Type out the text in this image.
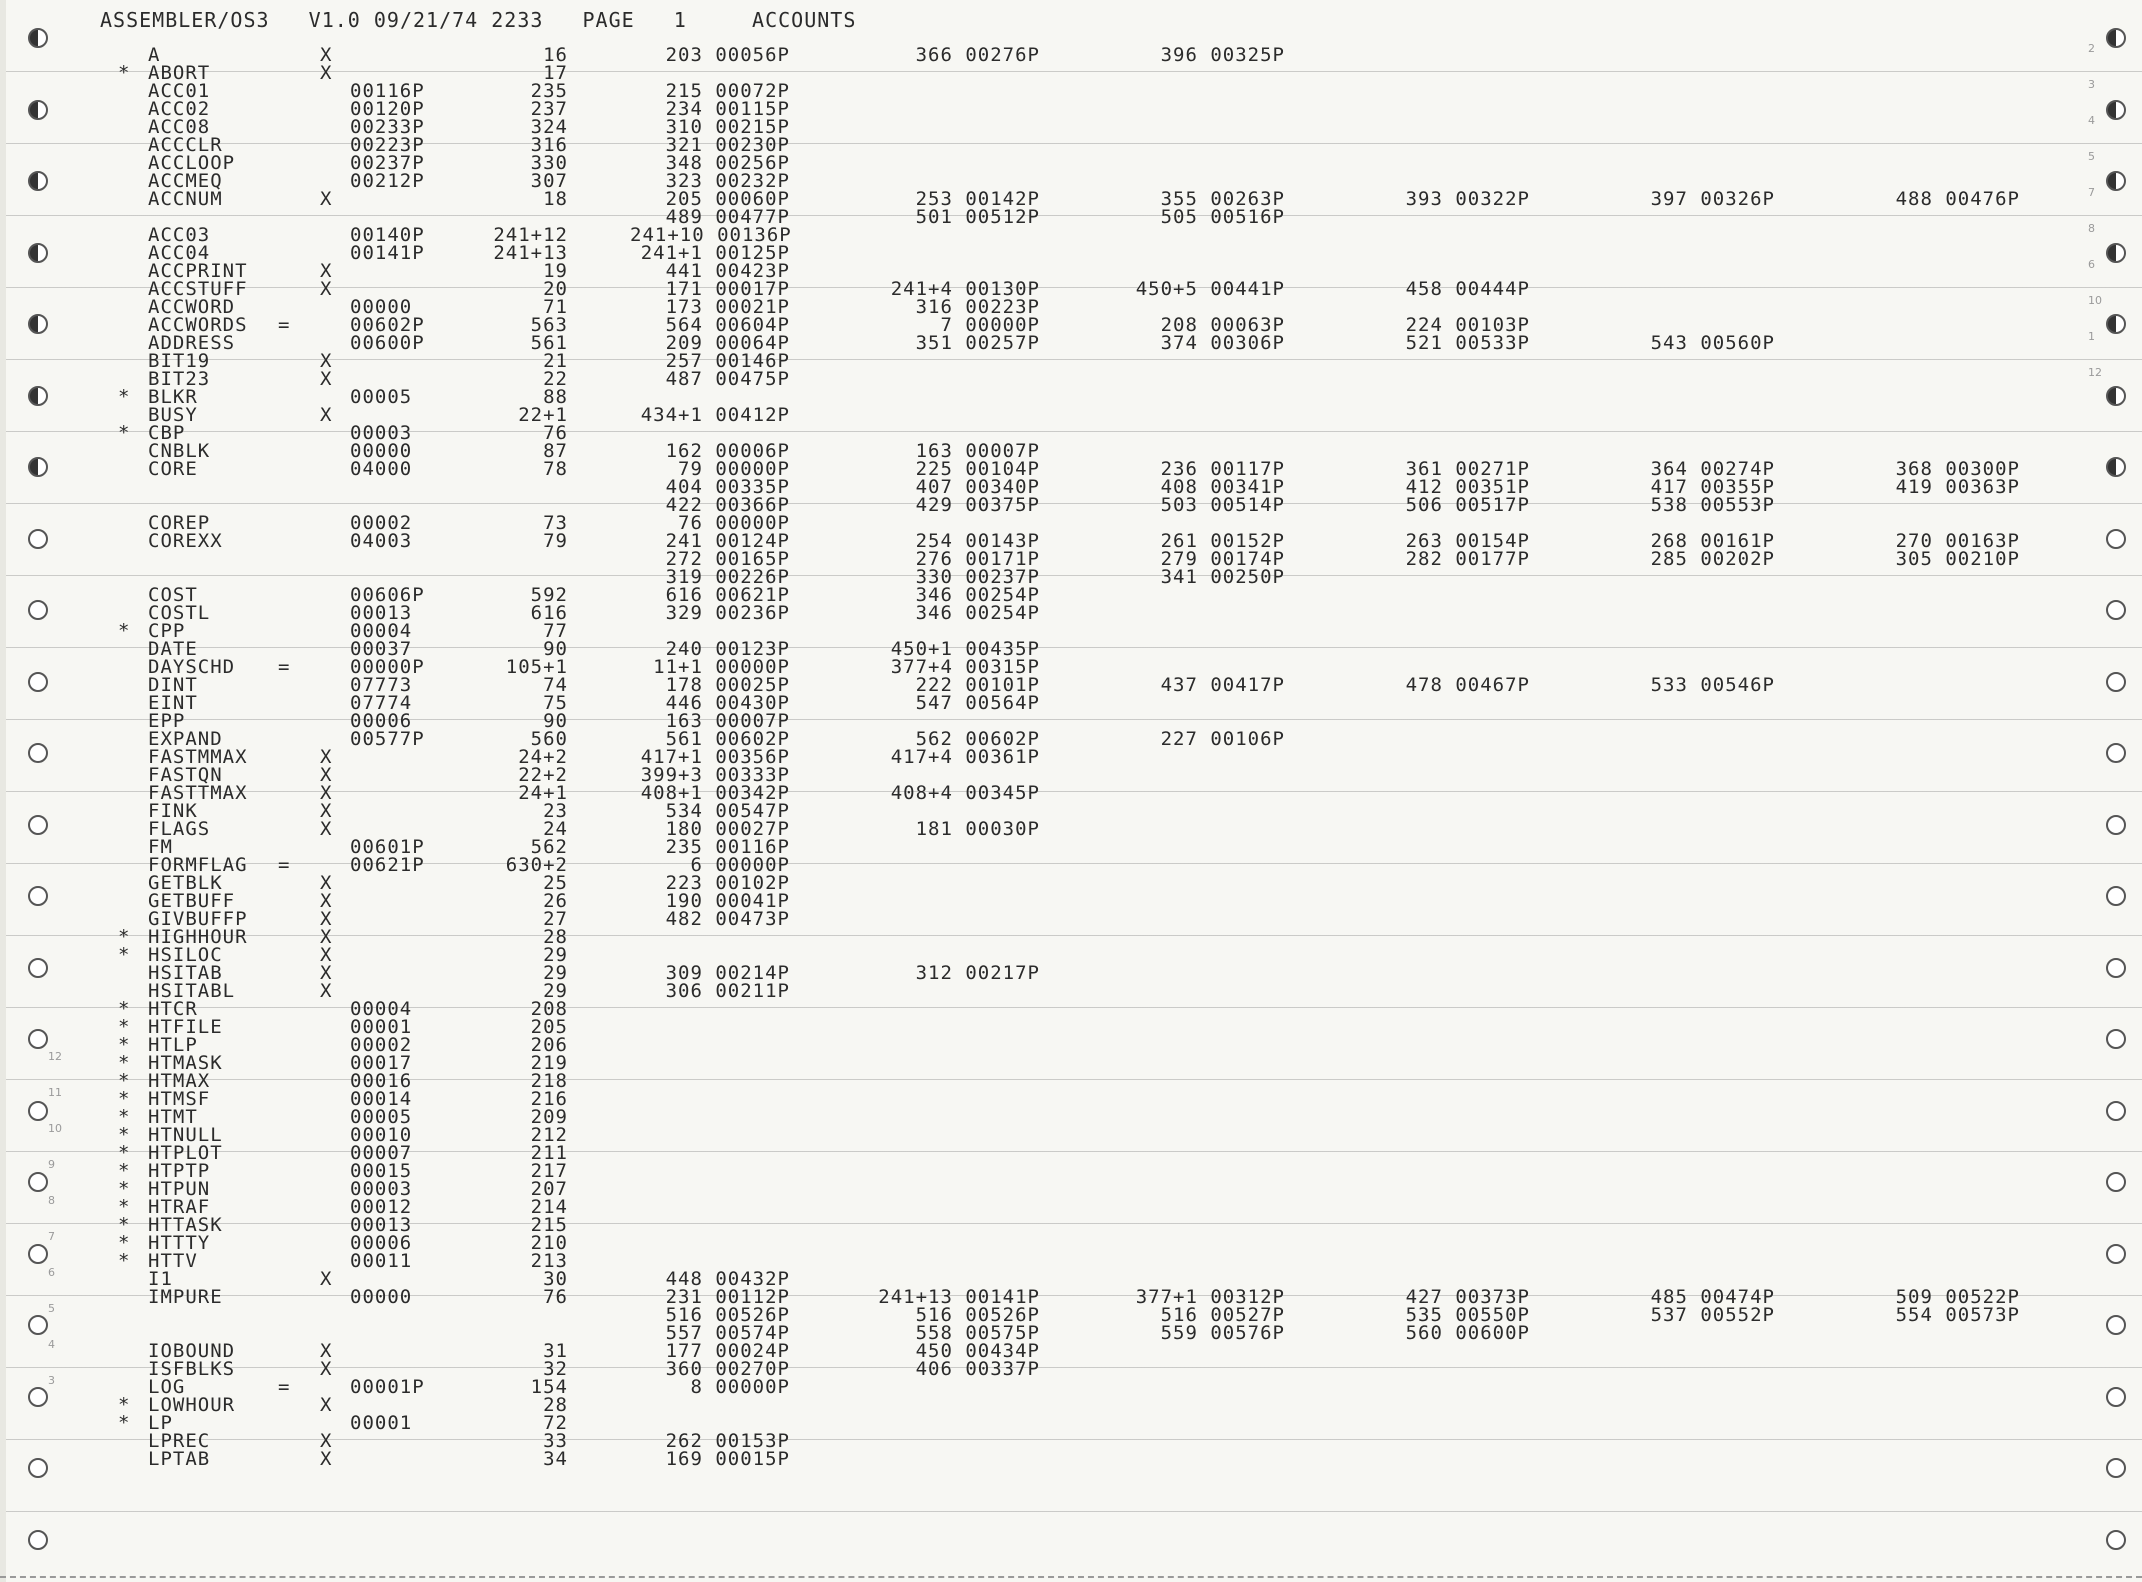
ASSEMBLER/OS3   V1.0 09/21/74 2233   PAGE   1     ACCOUNTS
12
11
10
9
8
7
6
5
4
3
2
3
4
5
7
8
6
10
1
12
A	X	16	203 00056P	366 00276P	396 00325P
* ABORT	X	17
ACC01	00116P	235	215 00072P
ACC02	00120P	237	234 00115P
ACC08	00233P	324	310 00215P
ACCCLR	00223P	316	321 00230P
ACCLOOP	00237P	330	348 00256P
ACCMEQ	00212P	307	323 00232P
ACCNUM	X	18	205 00060P	253 00142P	355 00263P	393 00322P	397 00326P	488 00476P
489 00477P	501 00512P	505 00516P
ACC03	00140P	241+12	241+10 00136P
ACC04	00141P	241+13	241+1 00125P
ACCPRINT	X	19	441 00423P
ACCSTUFF	X	20	171 00017P	241+4 00130P	450+5 00441P	458 00444P
ACCWORD	00000	71	173 00021P	316 00223P
ACCWORDS =	00602P	563	564 00604P	7 00000P	208 00063P	224 00103P
ADDRESS	00600P	561	209 00064P	351 00257P	374 00306P	521 00533P	543 00560P
BIT19	X	21	257 00146P
BIT23	X	22	487 00475P
* BLKR	00005	88
BUSY	X	22+1	434+1 00412P
* CBP	00003	76
CNBLK	00000	87	162 00006P	163 00007P
CORE	04000	78	79 00000P	225 00104P	236 00117P	361 00271P	364 00274P	368 00300P
404 00335P	407 00340P	408 00341P	412 00351P	417 00355P	419 00363P
422 00366P	429 00375P	503 00514P	506 00517P	538 00553P
COREP	00002	73	76 00000P
COREXX	04003	79	241 00124P	254 00143P	261 00152P	263 00154P	268 00161P	270 00163P
272 00165P	276 00171P	279 00174P	282 00177P	285 00202P	305 00210P
319 00226P	330 00237P	341 00250P
COST	00606P	592	616 00621P	346 00254P
COSTL	00013	616	329 00236P	346 00254P
* CPP	00004	77
DATE	00037	90	240 00123P	450+1 00435P
DAYSCHD =	00000P	105+1	11+1 00000P	377+4 00315P
DINT	07773	74	178 00025P	222 00101P	437 00417P	478 00467P	533 00546P
EINT	07774	75	446 00430P	547 00564P
EPP	00006	90	163 00007P
EXPAND	00577P	560	561 00602P	562 00602P	227 00106P
FASTMMAX	X	24+2	417+1 00356P	417+4 00361P
FASTQN	X	22+2	399+3 00333P
FASTTMAX	X	24+1	408+1 00342P	408+4 00345P
FINK	X	23	534 00547P
FLAGS	X	24	180 00027P	181 00030P
FM	00601P	562	235 00116P
FORMFLAG =	00621P	630+2	6 00000P
GETBLK	X	25	223 00102P
GETBUFF	X	26	190 00041P
GIVBUFFP	X	27	482 00473P
* HIGHHOUR	X	28
* HSILOC	X	29
HSITAB	X	29	309 00214P	312 00217P
HSITABL	X	29	306 00211P
* HTCR	00004	208
* HTFILE	00001	205
* HTLP	00002	206
* HTMASK	00017	219
* HTMAX	00016	218
* HTMSF	00014	216
* HTMT	00005	209
* HTNULL	00010	212
* HTPLOT	00007	211
* HTPTP	00015	217
* HTPUN	00003	207
* HTRAF	00012	214
* HTTASK	00013	215
* HTTTY	00006	210
* HTTV	00011	213
I1	X	30	448 00432P
IMPURE	00000	76	231 00112P	241+13 00141P	377+1 00312P	427 00373P	485 00474P	509 00522P
516 00526P	516 00526P	516 00527P	535 00550P	537 00552P	554 00573P
557 00574P	558 00575P	559 00576P	560 00600P
IOBOUND	X	31	177 00024P	450 00434P
ISFBLKS	X	32	360 00270P	406 00337P
LOG	=	00001P	154	8 00000P
* LOWHOUR	X	28
* LP	00001	72
LPREC	X	33	262 00153P
LPTAB	X	34	169 00015P
